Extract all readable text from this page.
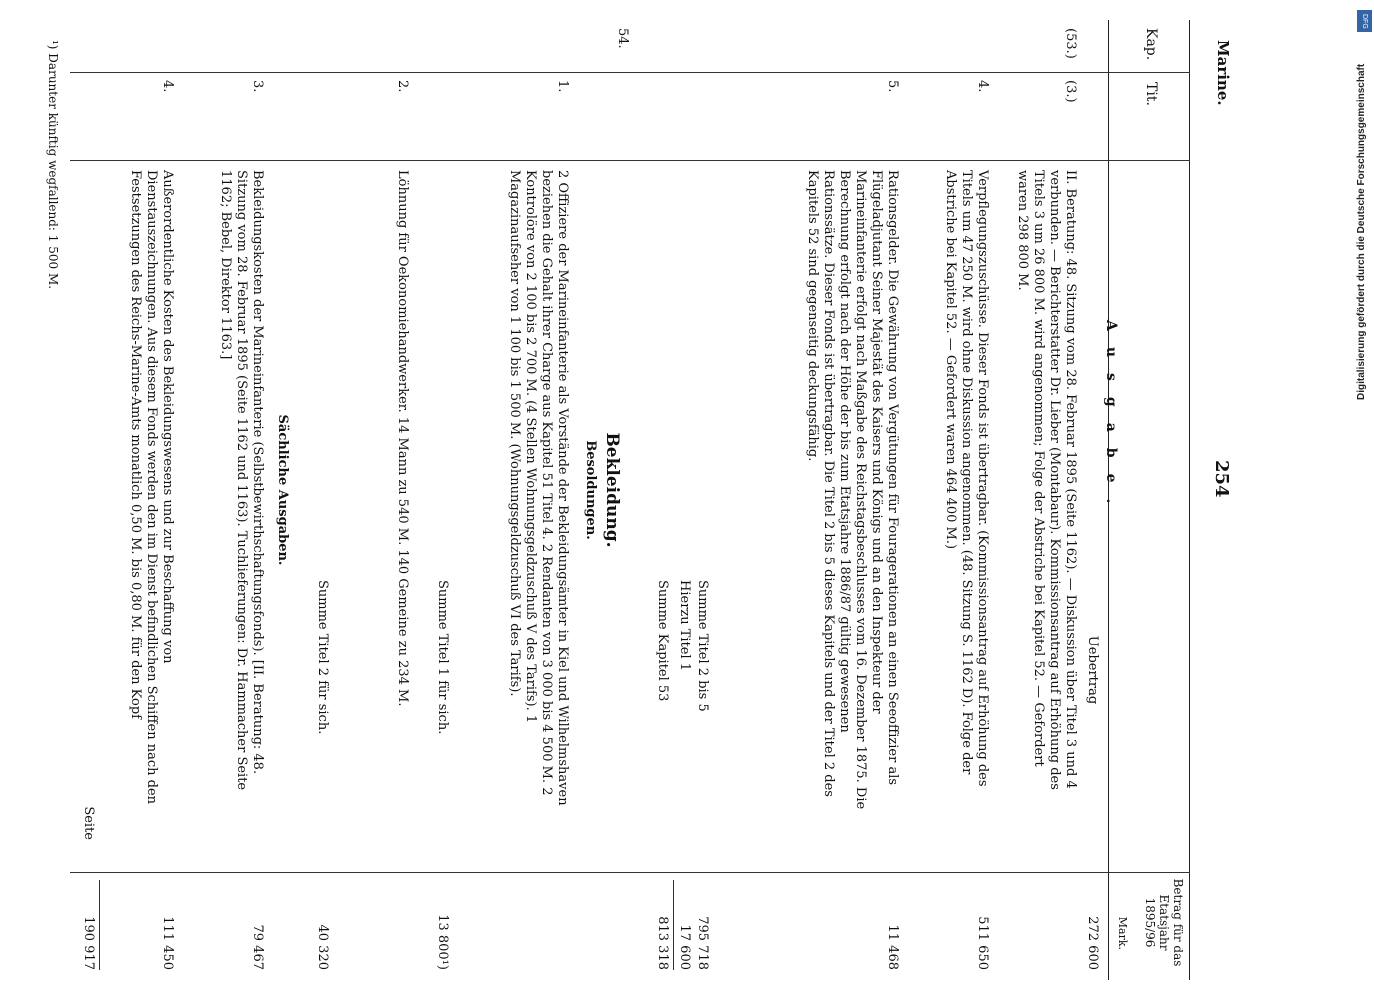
Marine.
254
Kap.
Tit.
Ausgabe.
Betrag für das Etatsjahr 1895/96
Mark.
272 600
Uebertrag
(53.)
(3.)
II. Beratung: 48. Sitzung vom 28. Februar 1895 (Seite 1162). — Diskussion über Titel 3 und 4 verbunden. — Berichterstatter Dr. Lieber (Montabaur). Kommissionsantrag auf Erhöhung des Titels 3 um 26 800 M. wird angenommen; Folge der Abstriche bei Kapitel 52. — Gefordert waren 298 800 M.
4.
Verpflegungszuschüsse. Dieser Fonds ist übertragbar. (Kommissionsantrag auf Erhöhung des Titels um 47 250 M. wird ohne Diskussion angenommen. (48. Sitzung S. 1162 D). Folge der Abstriche bei Kapitel 52. — Gefordert waren 464 400 M.)
511 650
5.
Rationsgelder. Die Gewährung von Vergütungen für Fouragerationen an einen Seeoffizier als Flügeladjutant Seiner Majestät des Kaisers und Königs und an den Inspekteur der Marineinfanterie erfolgt nach Maßgabe des Reichstagsbeschlusses vom 16. Dezember 1875. Die Berechnung erfolgt nach der Höhe der bis zum Etatsjahre 1886/87 gültig gewesenen Rationssätze. Dieser Fonds ist übertragbar. Die Titel 2 bis 5 dieses Kapitels und der Titel 2 des Kapitels 52 sind gegenseitig deckungsfähig.
11 468
Summe Titel 2 bis 5
795 718
Hierzu Titel 1
17 600
Summe Kapitel 53
813 318
54.
Bekleidung.
Besoldungen.
1.
2 Offiziere der Marineinfanterie als Vorstände der Bekleidungsämter in Kiel und Wilhelmshaven beziehen die Gehalt ihrer Charge aus Kapitel 51 Titel 4. 2 Rendanten von 3 000 bis 4 500 M. 2 Kontrolöre von 2 100 bis 2 700 M. (4 Stellen Wohnungsgeldzuschuß V des Tarifs). 1 Magazinaufseher von 1 100 bis 1 500 M. (Wohnungsgeldzuschuß VI des Tarifs).
13 800¹)
Summe Titel 1 für sich.
2.
Löhnung für Oekonomiehandwerker. 14 Mann zu 540 M. 140 Gemeine zu 234 M.
40 320
Summe Titel 2 für sich.
Sächliche Ausgaben.
3.
Bekleidungskosten der Marineinfanterie (Selbstbewirthschaftungsfonds). [II. Beratung: 48. Sitzung vom 28. Februar 1895 (Seite 1162 und 1163). Tuchlieferungen: Dr. Hammacher Seite 1162; Bebel, Direktor 1163.]
79 467
4.
Außerordentliche Kosten des Bekleidungswesens und zur Beschaffung von Dienstauszeichnungen. Aus diesem Fonds werden den im Dienst befindlichen Schiffen nach den Festsetzungen des Reichs-Marine-Amts monatlich 0,50 M. bis 0,80 M. für den Kopf
111 450
Seite
190 917
¹) Darunter künftig wegfallend: 1 500 M.
DFG
Digitalisierung gefördert durch die Deutsche Forschungsgemeinschaft
